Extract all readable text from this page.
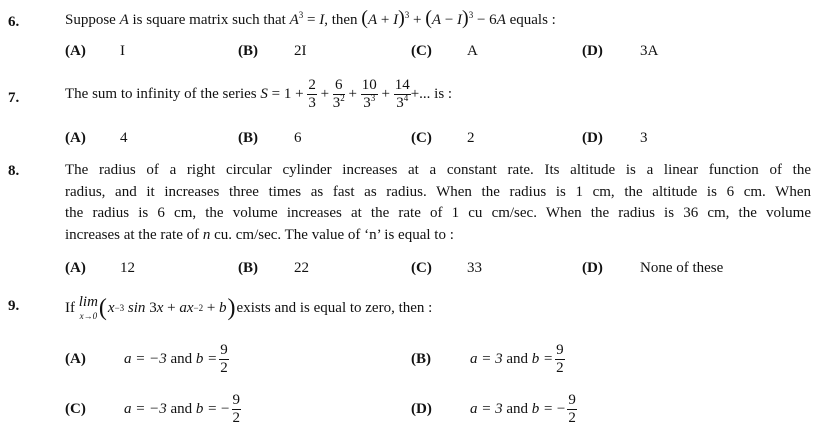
6.	Suppose A is square matrix such that $A^3 = I$, then $(A + I)^3 + (A - I)^3 - 6A$ equals :
(A) I	(B) 2I	(C) A	(D) 3A
7.	The sum to infinity of the series
$S = 1 + \frac{2}{3} + \frac{6}{3^2} + \frac{10}{3^3} + \frac{14}{3^4}$ +... is :
(A) 4	(B) 6	(C) 2	(D) 3
8.	The radius of a right circular cylinder increases at a constant rate. Its altitude is a linear function of the
radius, and it increases three times as fast as radius. When the radius is 1 cm, the altitude is 6 cm. When
the radius is 6 cm, the volume increases at the rate of 1 cu cm/sec. When the radius is 36 cm, the volume
increases at the rate of n cu. cm/sec. The value of ‘n’ is equal to :
(A) 12	(B) 22	(C) 33	(D) None of these
9.	If
lim
x→0 ( x −3
sin 3 x + ax −2 + b ) exists and is equal to zero, then :
(A)	a = −3 and $b = \frac{9}{2}$	(B)	a = 3 and $b = \frac{9}{2}$
(C)	a = −3 and b = − $\frac{9}{2}$	(D)	a = 3 and b = − $\frac{9}{2}$
